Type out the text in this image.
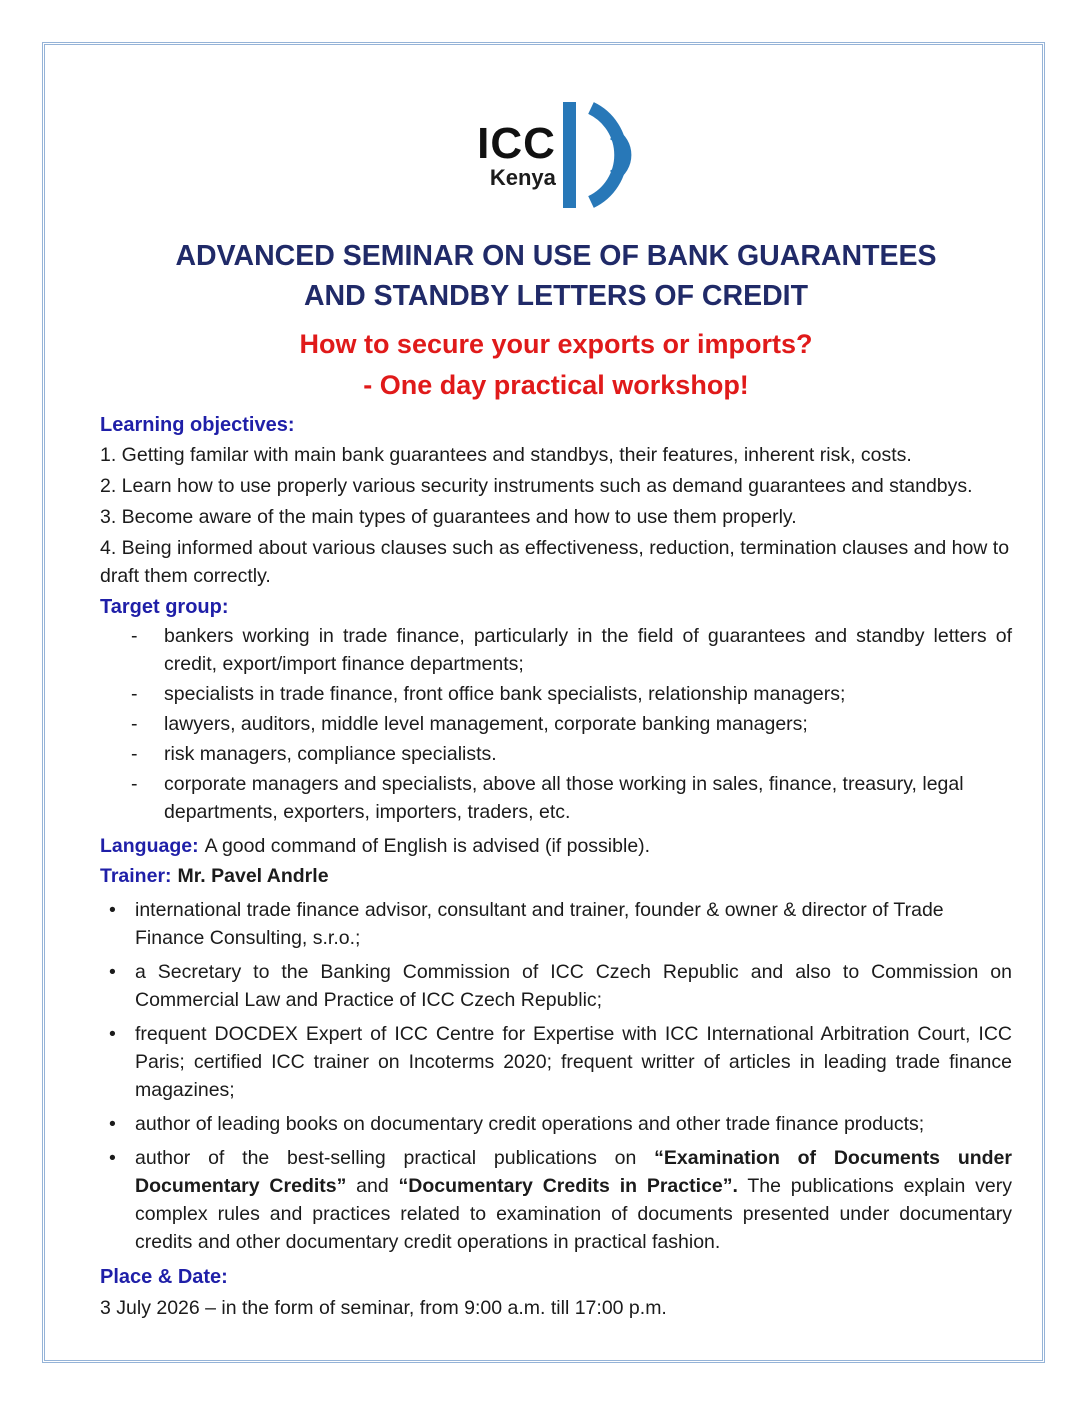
ICC
Kenya
ADVANCED SEMINAR ON USE OF BANK GUARANTEES
AND STANDBY LETTERS OF CREDIT
How to secure your exports or imports?
- One day practical workshop!
Learning objectives:

1. Getting familar with main bank guarantees and standbys, their features, inherent risk, costs.

2. Learn how to use properly various security instruments such as demand guarantees and standbys.

3. Become aware of the main types of guarantees and how to use them properly.

4. Being informed about various clauses such as effectiveness, reduction, termination clauses and how to draft them correctly.

Target group:
-	bankers working in trade finance, particularly in the field of guarantees and standby letters of credit, export/import finance departments;
-	specialists in trade finance, front office bank specialists, relationship managers;
-	lawyers, auditors, middle level management, corporate banking managers;
-	risk managers, compliance specialists.
-	corporate managers and specialists, above all those working in sales, finance, treasury, legal departments, exporters, importers, traders, etc.

Language: A good command of English is advised (if possible).

Trainer: Mr. Pavel Andrle

• international trade finance advisor, consultant and trainer, founder & owner & director of Trade Finance Consulting, s.r.o.;
• a Secretary to the Banking Commission of ICC Czech Republic and also to Commission on Commercial Law and Practice of ICC Czech Republic;
• frequent DOCDEX Expert of ICC Centre for Expertise with ICC International Arbitration Court, ICC Paris; certified ICC trainer on Incoterms 2020; frequent writter of articles in leading trade finance magazines;
• author of leading books on documentary credit operations and other trade finance products;
• author of the best-selling practical publications on “Examination of Documents under Documentary Credits” and “Documentary Credits in Practice”. The publications explain very complex rules and practices related to examination of documents presented under documentary credits and other documentary credit operations in practical fashion.
Place & Date:

3 July 2026 – in the form of seminar, from 9:00 a.m. till 17:00 p.m.
